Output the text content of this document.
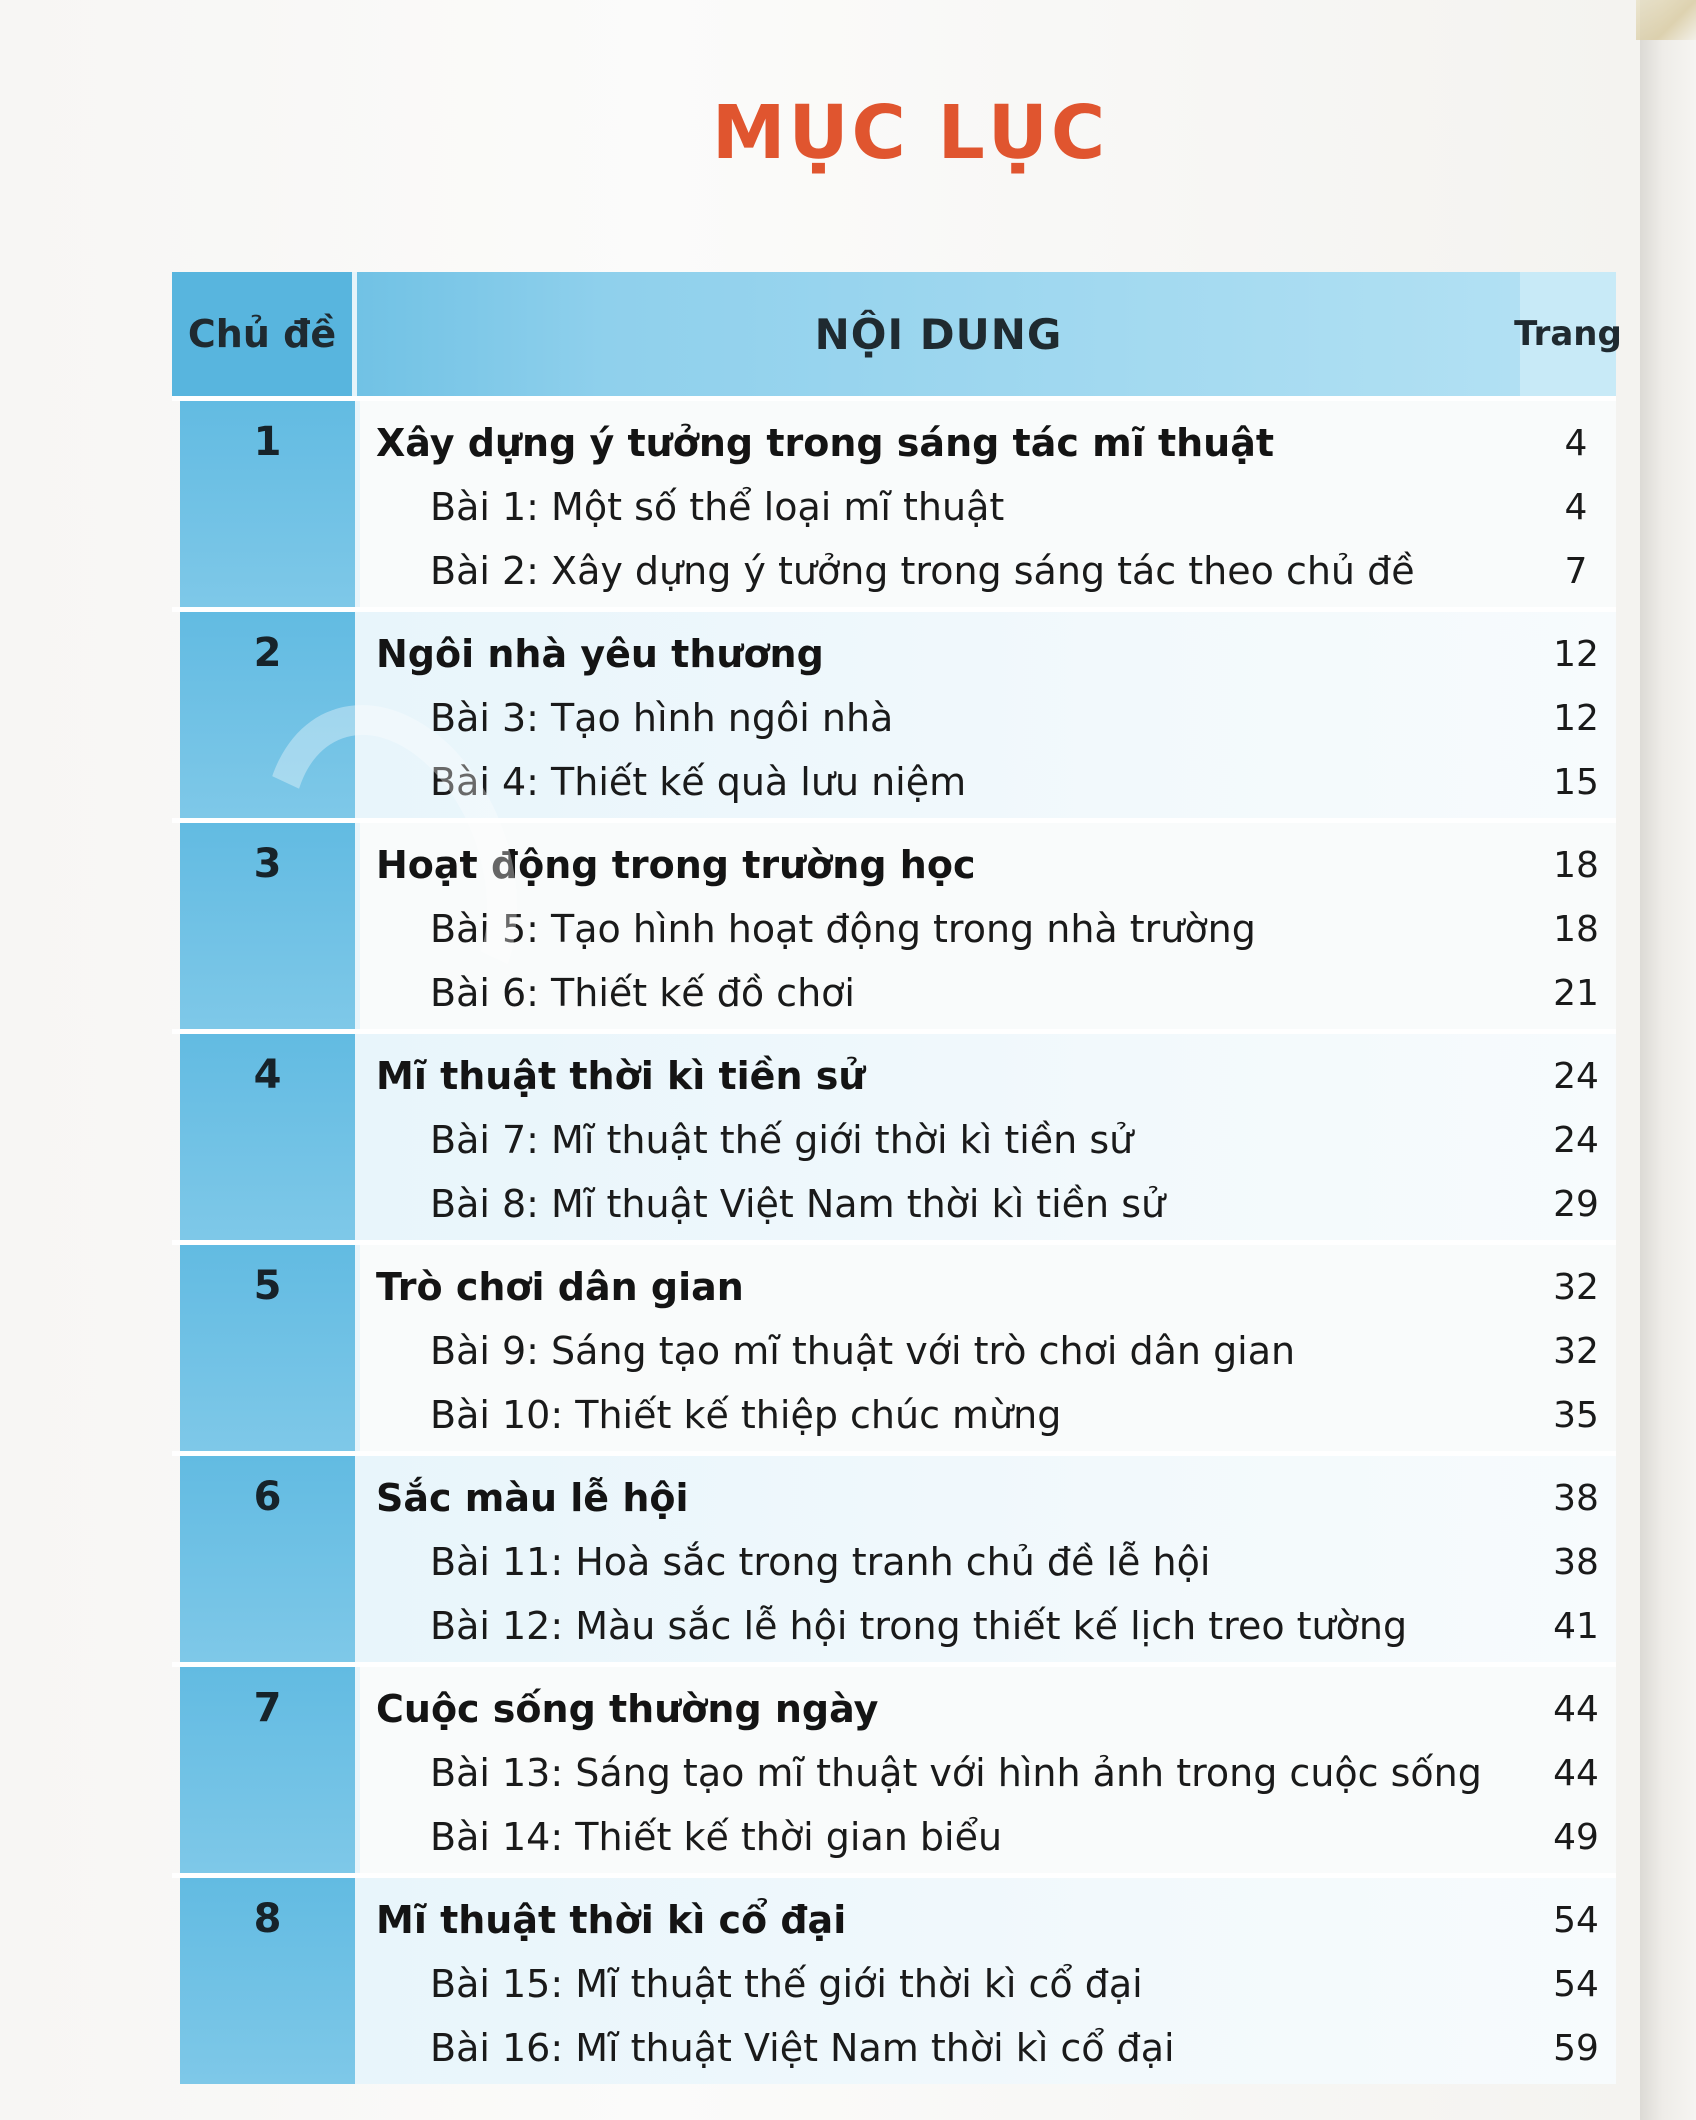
MỤC LỤC
Chủ đề	NỘI DUNG	Trang
1	Xây dựng ý tưởng trong sáng tác mĩ thuật	4
Bài 1: Một số thể loại mĩ thuật	4
Bài 2: Xây dựng ý tưởng trong sáng tác theo chủ đề	7
2	Ngôi nhà yêu thương	12
Bài 3: Tạo hình ngôi nhà	12
Bài 4: Thiết kế quà lưu niệm	15
3	Hoạt động trong trường học	18
Bài 5: Tạo hình hoạt động trong nhà trường	18
Bài 6: Thiết kế đồ chơi	21
4	Mĩ thuật thời kì tiền sử	24
Bài 7: Mĩ thuật thế giới thời kì tiền sử	24
Bài 8: Mĩ thuật Việt Nam thời kì tiền sử	29
5	Trò chơi dân gian	32
Bài 9: Sáng tạo mĩ thuật với trò chơi dân gian	32
Bài 10: Thiết kế thiệp chúc mừng	35
6	Sắc màu lễ hội	38
Bài 11: Hoà sắc trong tranh chủ đề lễ hội	38
Bài 12: Màu sắc lễ hội trong thiết kế lịch treo tường	41
7	Cuộc sống thường ngày	44
Bài 13: Sáng tạo mĩ thuật với hình ảnh trong cuộc sống	44
Bài 14: Thiết kế thời gian biểu	49
8	Mĩ thuật thời kì cổ đại	54
Bài 15: Mĩ thuật thế giới thời kì cổ đại	54
Bài 16: Mĩ thuật Việt Nam thời kì cổ đại	59
